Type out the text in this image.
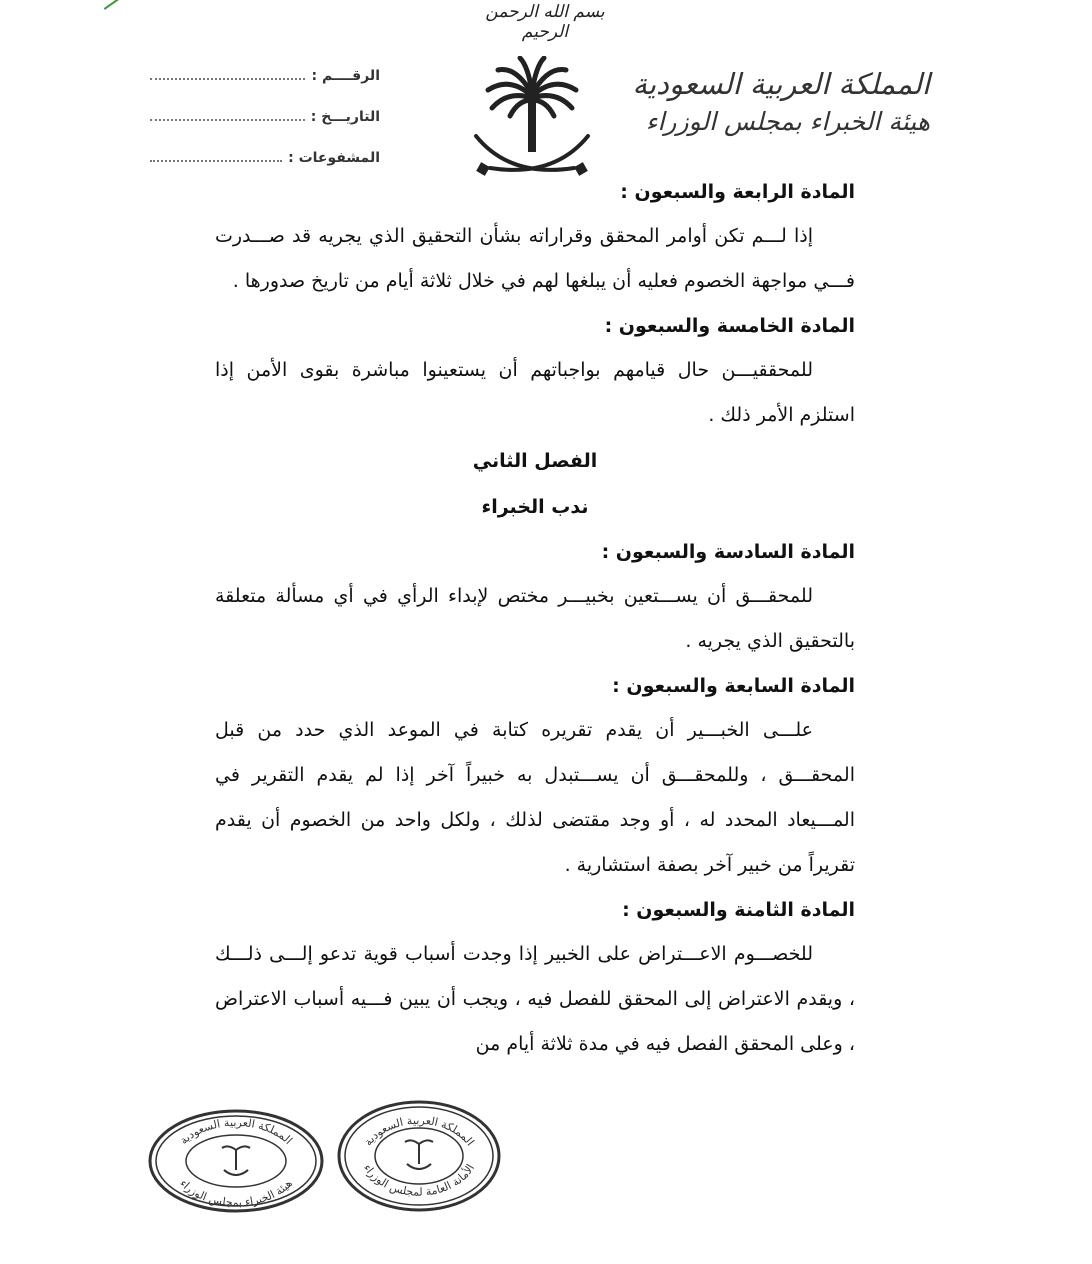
بسم الله الرحمن الرحيم
الرقــــم :
التاريـــخ :
المشفوعات :
المملكة العربية السعودية
هيئة الخبراء بمجلس الوزراء
المادة الرابعة والسبعون :
إذا لـــم تكن أوامر المحقق وقراراته بشأن التحقيق الذي يجريه قد صـــدرت فـــي مواجهة الخصوم فعليه أن يبلغها لهم في خلال ثلاثة أيام من تاريخ صدورها .
المادة الخامسة والسبعون :
للمحققيـــن حال قيامهم بواجباتهم أن يستعينوا مباشرة بقوى الأمن إذا استلزم الأمر ذلك .
الفصل الثاني
ندب الخبراء
المادة السادسة والسبعون :
للمحقـــق أن يســـتعين بخبيـــر مختص لإبداء الرأي في أي مسألة متعلقة بالتحقيق الذي يجريه .
المادة السابعة والسبعون :
علـــى الخبـــير أن يقدم تقريره كتابة في الموعد الذي حدد من قبل المحقـــق ، وللمحقـــق أن يســـتبدل به خبيراً آخر إذا لم يقدم التقرير في المـــيعاد المحدد له ، أو وجد مقتضى لذلك ، ولكل واحد من الخصوم أن يقدم تقريراً من خبير آخر بصفة استشارية .
المادة الثامنة والسبعون :
للخصـــوم الاعـــتراض على الخبير إذا وجدت أسباب قوية تدعو إلـــى ذلـــك ، ويقدم الاعتراض إلى المحقق للفصل فيه ، ويجب أن يبين فـــيه أسباب الاعتراض ، وعلى المحقق الفصل فيه في مدة ثلاثة أيام من
المملكة العربية السعودية
هيئة الخبراء بمجلس الوزراء
المملكة العربية السعودية
الأمانة العامة لمجلس الوزراء
